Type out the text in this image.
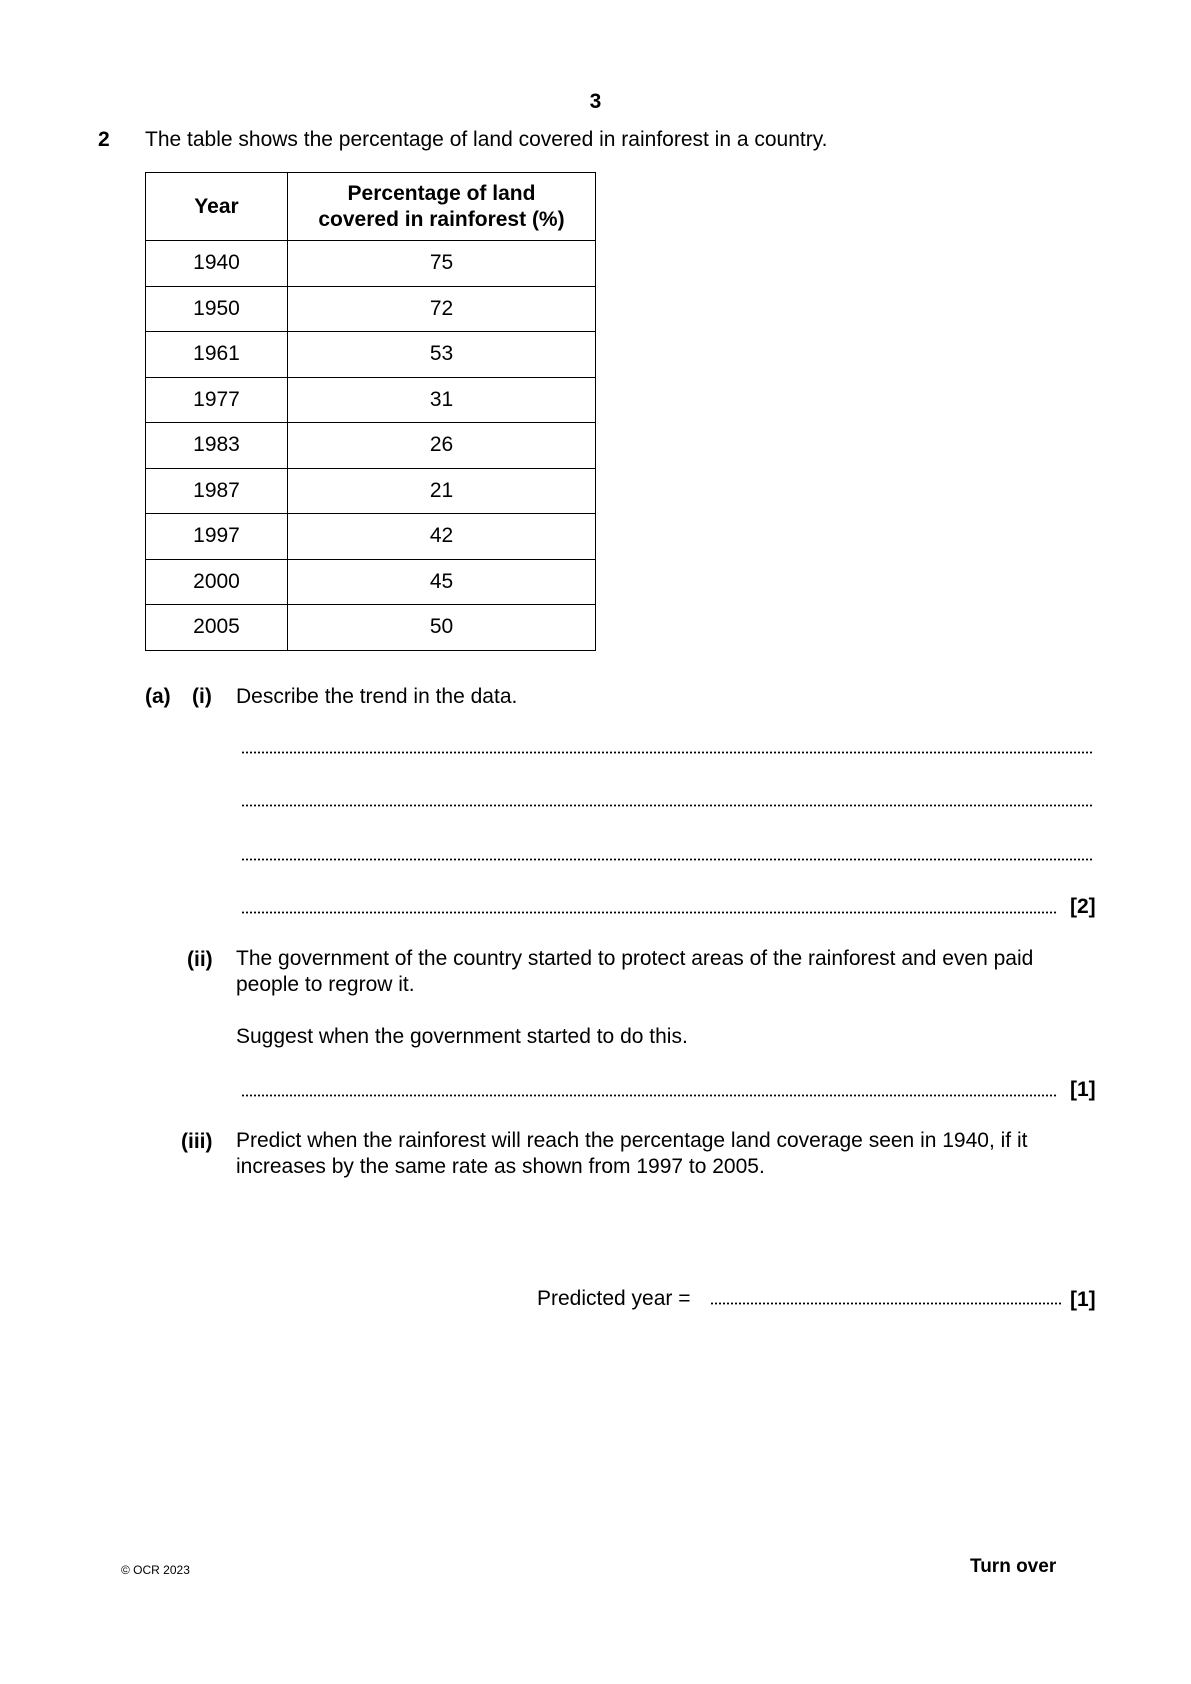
3
2 The table shows the percentage of land covered in rainforest in a country.
Year	Percentage of land
covered in rainforest (%)
1940	75
1950	72
1961	53
1977	31
1983	26
1987	21
1997	42
2000	45
2005	50
(a) (i) Describe the trend in the data.
[2]
(ii) The government of the country started to protect areas of the rainforest and even paid
people to regrow it.
Suggest when the government started to do this.
[1]
(iii) Predict when the rainforest will reach the percentage land coverage seen in 1940, if it
increases by the same rate as shown from 1997 to 2005.
Predicted year =	[1]
© OCR 2023	Turn over
